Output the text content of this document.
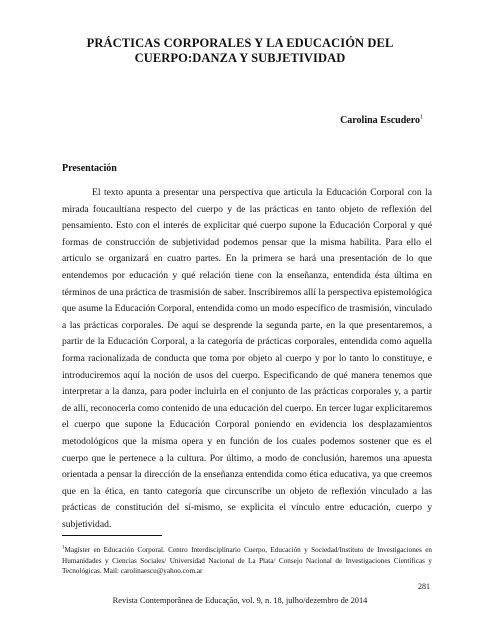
PRÁCTICAS CORPORALES Y LA EDUCACIÓN DEL
CUERPO:DANZA Y SUBJETIVIDAD
Carolina Escudero$^1$
Presentación

El texto apunta a presentar una perspectiva que articula la Educación Corporal con la mirada foucaultiana respecto del cuerpo y de las prácticas en tanto objeto de reflexión del pensamiento. Esto con el interés de explicitar qué cuerpo supone la Educación Corporal y qué formas de construcción de subjetividad podemos pensar que la misma habilita. Para ello el artículo se organizará en cuatro partes. En la primera se hará una presentación de lo que entendemos por educación y qué relación tiene con la enseñanza, entendida ésta última en términos de una práctica de trasmisión de saber. Inscribiremos allí la perspectiva epistemológica que asume la Educación Corporal, entendida como un modo específico de trasmisión, vinculado a las prácticas corporales. De aquí se desprende la segunda parte, en la que presentaremos, a partir de la Educación Corporal, a la categoría de prácticas corporales, entendida como aquella forma racionalizada de conducta que toma por objeto al cuerpo y por lo tanto lo constituye, e introduciremos aquí la noción de usos del cuerpo. Especificando de qué manera tenemos que interpretar a la danza, para poder incluirla en el conjunto de las prácticas corporales y, a partir de allí, reconocerla como contenido de una educación del cuerpo. En tercer lugar explicitaremos el cuerpo que supone la Educación Corporal poniendo en evidencia los desplazamientos metodológicos que la misma opera y en función de los cuales podemos sostener que es el cuerpo que le pertenece a la cultura. Por último, a modo de conclusión, haremos una apuesta orientada a pensar la dirección de la enseñanza entendida como ética educativa, ya que creemos que en la ética, en tanto categoría que circunscribe un objeto de reflexión vinculado a las prácticas de constitución del sí-mismo, se explicita el vínculo entre educación, cuerpo y subjetividad.

$^1$Magíster en Educación Corporal. Centro Interdisciplinario Cuerpo, Educación y Sociedad/Instituto de Investigaciones en Humanidades y Ciencias Sociales/ Universidad Nacional de La Plata/ Consejo Nacional de Investigaciones Científicas y Tecnológicas. Mail: carolinaescu@yahoo.com.ar

281
Revista Contemporânea de Educação, vol. 9, n. 18, julho/dezembro de 2014
